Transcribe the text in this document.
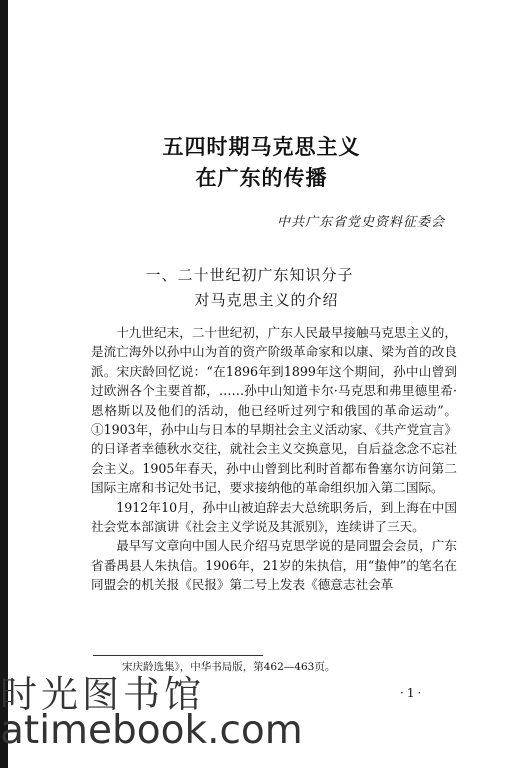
五四时期马克思主义
在广东的传播
中共广东省党史资料征委会
一、二十世纪初广东知识分子
对马克思主义的介绍

十九世纪末，二十世纪初，广东人民最早接触马克思主义的，是流亡海外以孙中山为首的资产阶级革命家和以康、梁为首的改良派。宋庆龄回忆说：“在1896年到1899年这个期间，孙中山曾到过欧洲各个主要首都，……孙中山知道卡尔·马克思和弗里德里希·恩格斯以及他们的活动，他已经听过列宁和俄国的革命运动”。①1903年，孙中山与日本的早期社会主义活动家、《共产党宣言》的日译者幸德秋水交往，就社会主义交换意见，自后益念念不忘社会主义。1905年春天，孙中山曾到比利时首都布鲁塞尔访问第二国际主席和书记处书记，要求接纳他的革命组织加入第二国际。

1912年10月，孙中山被迫辞去大总统职务后，到上海在中国社会党本部演讲《社会主义学说及其派别》，连续讲了三天。

最早写文章向中国人民介绍马克思学说的是同盟会会员，广东省番禺县人朱执信。1906年，21岁的朱执信，用“蛰伸”的笔名在同盟会的机关报《民报》第二号上发表《德意志社会革

宋庆龄选集》，中华书局版，第462—463页。
·1·
时光图书馆
atimebook.com
